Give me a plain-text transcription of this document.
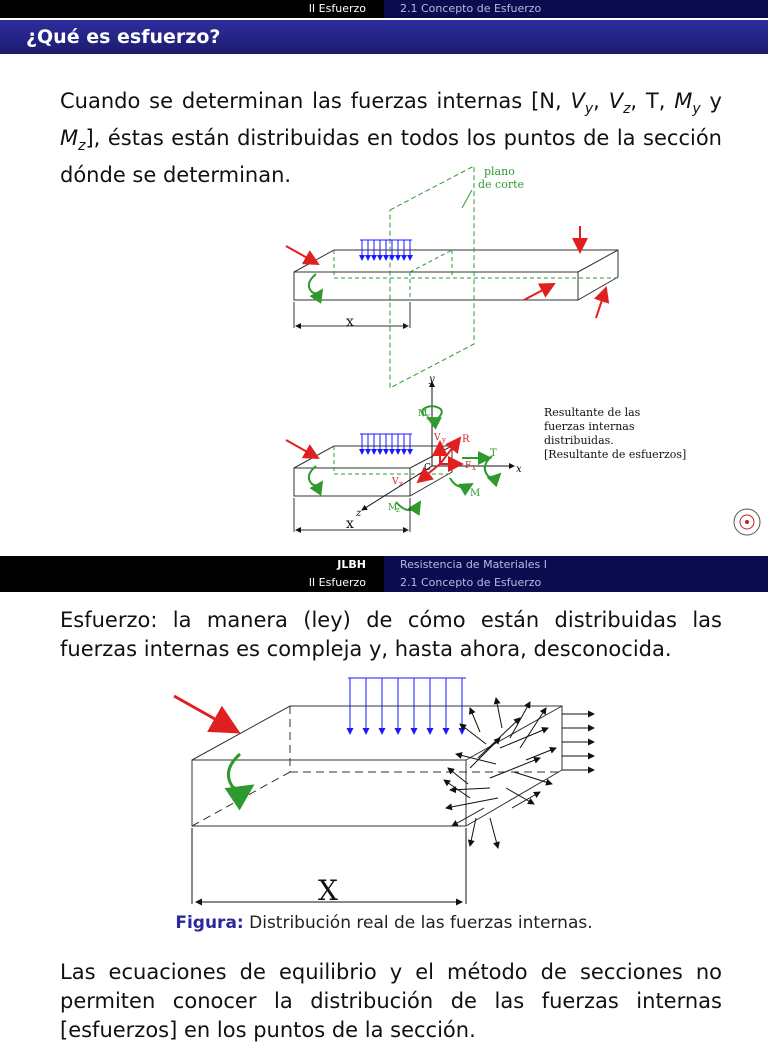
II Esfuerzo	2.1 Concepto de Esfuerzo
¿Qué es esfuerzo?
Cuando se determinan las fuerzas internas [N, $V_y$, $V_z$, T, $M_y$ y $M_z$], éstas están distribuidas en todos los puntos de la sección dónde se determinan.	plano
de corte
x
y
x
z
V y R
F x
V z
C
M
y
T
M
M
z
x
Resultante de las
fuerzas internas
distribuidas.
[Resultante de esfuerzos]
JLBH	Resistencia de Materiales I
II Esfuerzo	2.1 Concepto de Esfuerzo
Esfuerzo: la manera (ley) de cómo están distribuidas las fuerzas internas es compleja y, hasta ahora, desconocida.
X
Figura: Distribución real de las fuerzas internas.
Las ecuaciones de equilibrio y el método de secciones no permiten conocer la distribución de las fuerzas internas [esfuerzos] en los puntos de la sección.
